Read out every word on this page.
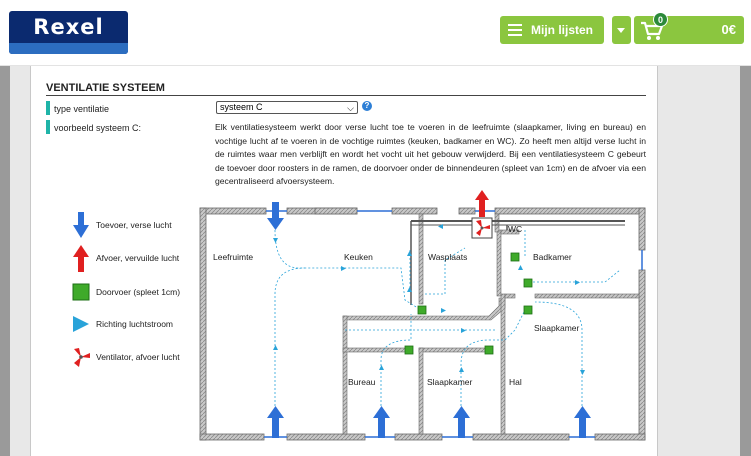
Rexel	Mijn lijsten
0
0€
VENTILATIE SYSTEEM
type ventilatie	systeem C	⌵	?
voorbeeld systeem C:	Elk ventilatiesysteem werkt door verse lucht toe te voeren in de leefruimte (slaapkamer, living en bureau) en vochtige lucht af te voeren in de vochtige ruimtes (keuken, badkamer en WC). Zo heeft men altijd verse lucht in de ruimtes waar men verblijft en wordt het vocht uit het gebouw verwijderd. Bij een ventilatiesysteem C gebeurt de toevoer door roosters in de ramen, de doorvoer onder de binnendeuren (spleet van 1cm) en de afvoer via een gecentraliseerd afvoersysteem.
Toevoer, verse lucht
Afvoer, vervuilde lucht
Doorvoer (spleet 1cm)
Richting luchtstroom
Ventilator, afvoer lucht
Leefruimte	Keuken	Wasplaats
WC
Badkamer
Slaapkamer
Bureau	Slaapkamer	Hal
